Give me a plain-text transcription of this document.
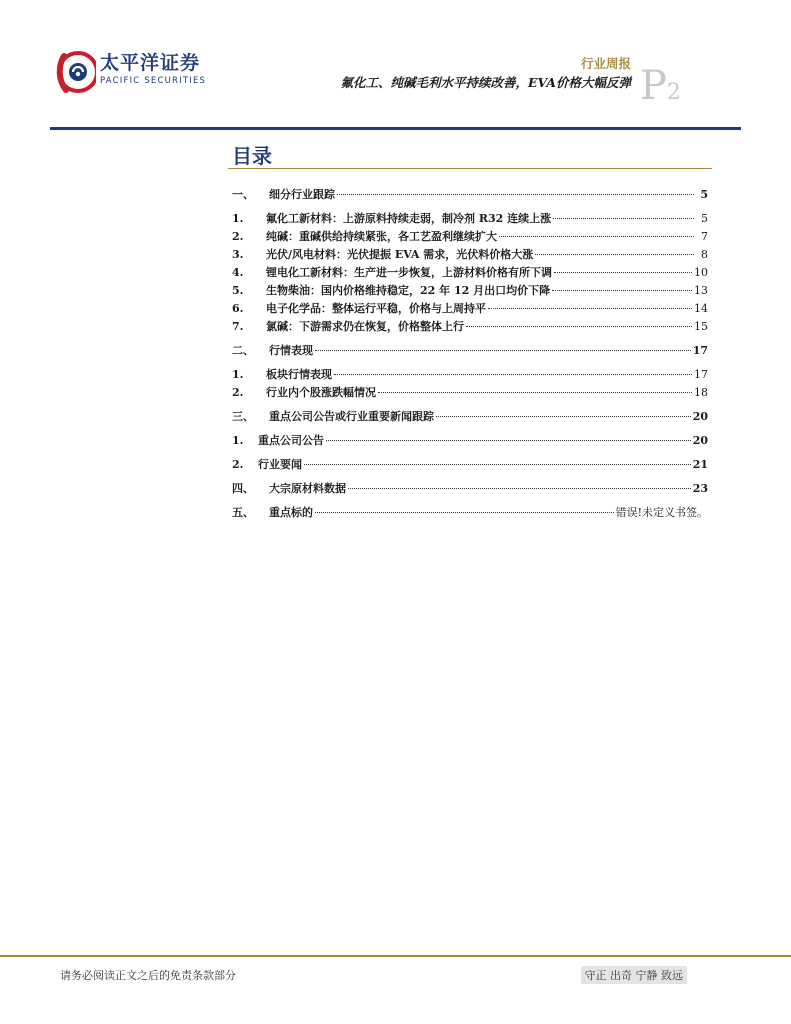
太平洋证券
PACIFIC SECURITIES
行业周报
氟化工、纯碱毛利水平持续改善，EVA价格大幅反弹 P2
目录
一、	细分行业跟踪	5
1.	氟化工新材料：上游原料持续走弱，制冷剂 R32 连续上涨	5
2.	纯碱：重碱供给持续紧张，各工艺盈利继续扩大	7
3.	光伏/风电材料：光伏提振 EVA 需求，光伏料价格大涨	8
4.	锂电化工新材料：生产进一步恢复，上游材料价格有所下调	10
5.	生物柴油：国内价格维持稳定，22 年 12 月出口均价下降	13
6.	电子化学品：整体运行平稳，价格与上周持平	14
7.	氯碱：下游需求仍在恢复，价格整体上行	15
二、	行情表现	17
1.	板块行情表现	17
2.	行业内个股涨跌幅情况	18
三、	重点公司公告或行业重要新闻跟踪	20
1.	重点公司公告	20
2.	行业要闻	21
四、	大宗原材料数据	23
五、	重点标的	错误!未定义书签。
请务必阅读正文之后的免责条款部分	守正 出奇 宁静 致远
